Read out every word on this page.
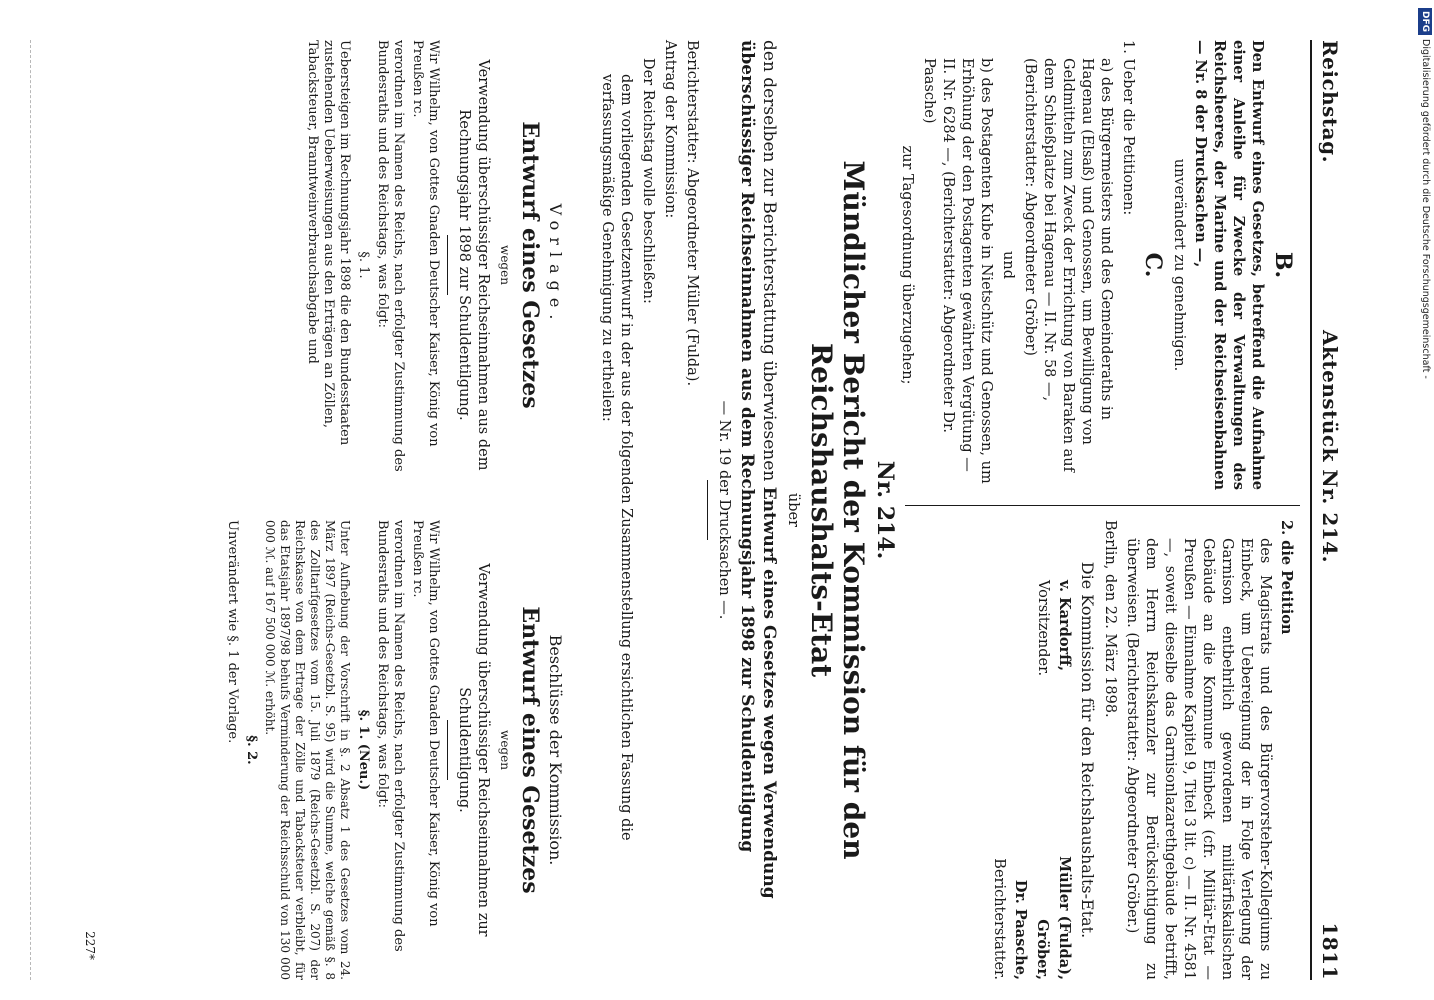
Reichstag.
Aktenstück Nr. 214.
1811

B.

Den Entwurf eines Gesetzes, betreffend die Aufnahme einer Anleihe für Zwecke der Verwaltungen des Reichsheeres, der Marine und der Reichseisenbahnen — Nr. 8 der Drucksachen —,

unverändert zu genehmigen.

C.

1. Ueber die Petitionen:

a) des Bürgermeisters und des Gemeinderaths in Hagenau (Elsaß) und Genossen, um Bewilligung von Geldmitteln zum Zweck der Errichtung von Baraken auf dem Schießplatze bei Hagenau — II. Nr. 58 —, (Berichterstatter: Abgeordneter Gröber)

und

b) des Postagenten Kube in Nietschütz und Genossen, um Erhöhung der den Postagenten gewährten Vergütung — II. Nr. 6284 —, (Berichterstatter: Abgeordneter Dr. Paasche)

zur Tagesordnung überzugehen;

2. die Petition

des Magistrats und des Bürgervorsteher-Kollegiums zu Einbeck, um Uebereignung der in Folge Verlegung der Garnison entbehrlich gewordenen militärfiskalischen Gebäude an die Kommune Einbeck (cfr. Militär-Etat — Preußen — Einnahme Kapitel 9, Titel 3 lit. c) — II. Nr. 4581 —, soweit dieselbe das Garnisonlazarethgebäude betrifft, dem Herrn Reichskanzler zur Berücksichtigung zu überweisen. (Berichterstatter: Abgeordneter Gröber.)

Berlin, den 22. März 1898.

Die Kommission für den Reichshaushalts-Etat.

v. Kardorff,

Vorsitzender.

Müller (Fulda),

Gröber,

Dr. Paasche,

Berichterstatter.

Nr. 214.

Mündlicher Bericht der Kommission für den Reichshaushalts-Etat

über

den derselben zur Berichterstattung überwiesenen Entwurf eines Gesetzes wegen Verwendung überschüssiger Reichseinnahmen aus dem Rechnungsjahr 1898 zur Schuldentilgung

— Nr. 19 der Drucksachen —.

Berichterstatter: Abgeordneter Müller (Fulda).

Antrag der Kommission:

Der Reichstag wolle beschließen:

dem vorliegenden Gesetzentwurf in der aus der folgenden Zusammenstellung ersichtlichen Fassung die verfassungsmäßige Genehmigung zu ertheilen:

Vorlage.

Entwurf eines Gesetzes

wegen

Verwendung überschüssiger Reichseinnahmen aus dem Rechnungsjahr 1898 zur Schuldentilgung.

Wir Wilhelm, von Gottes Gnaden Deutscher Kaiser, König von Preußen rc.

verordnen im Namen des Reichs, nach erfolgter Zustimmung des Bundesraths und des Reichstags, was folgt:

§. 1.

Uebersteigen im Rechnungsjahr 1898 die den Bundesstaaten zustehenden Ueberweisungen aus den Erträgen an Zöllen, Tabacksteuer, Branntweinverbrauchsabgabe und

Beschlüsse der Kommission.

Entwurf eines Gesetzes

wegen

Verwendung überschüssiger Reichseinnahmen zur Schuldentilgung.

Wir Wilhelm, von Gottes Gnaden Deutscher Kaiser, König von Preußen rc.

verordnen im Namen des Reichs, nach erfolgter Zustimmung des Bundesraths und des Reichstags, was folgt:

§. 1. (Neu.)

Unter Aufhebung der Vorschrift in §. 2 Absatz 1 des Gesetzes vom 24. März 1897 (Reichs-Gesetzbl. S. 95) wird die Summe, welche gemäß §. 8 des Zolltarifgesetzes vom 15. Juli 1879 (Reichs-Gesetzbl. S. 207) der Reichskasse von dem Ertrage der Zölle und Tabacksteuer verbleibt, für das Etatsjahr 1897/98 behufs Verminderung der Reichsschuld von 130 000 000 ℳ. auf 167 500 000 ℳ. erhöht.

§. 2.

Unverändert wie §. 1 der Vorlage.

227*
DFGDigitalisierung gefördert durch die Deutsche Forschungsgemeinschaft -
